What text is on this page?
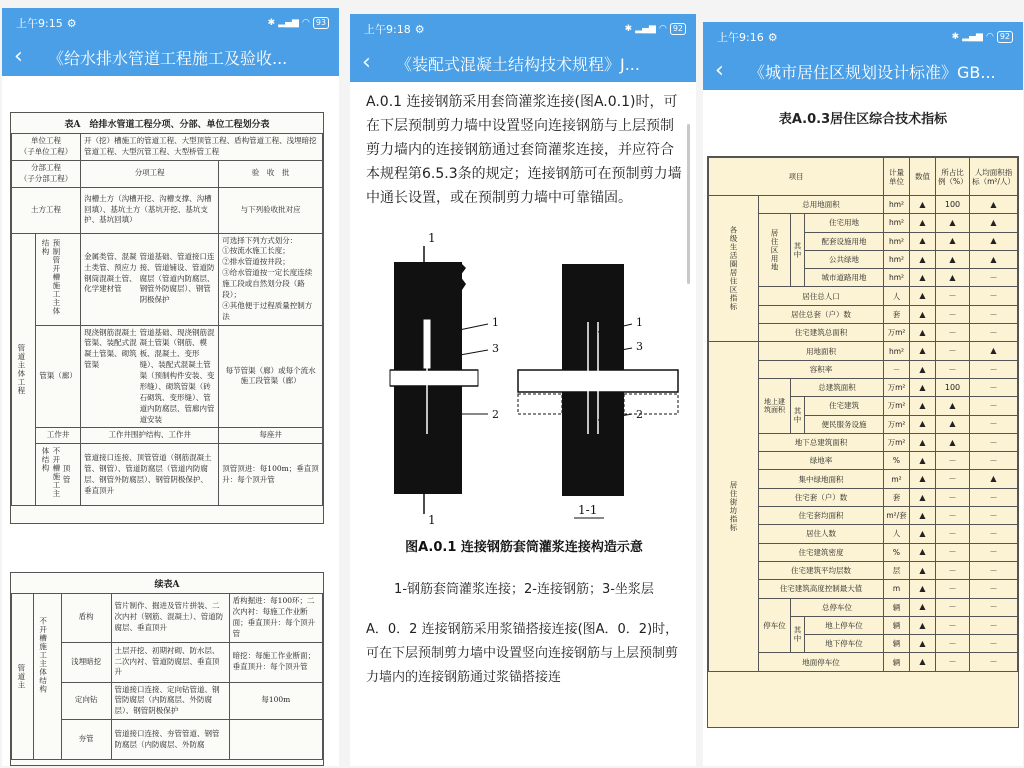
上午9:15 ⚙	✱ ▂▄▆ ◠ 93
‹	《给水排水管道工程施工及验收...
表A　给排水管道工程分项、分部、单位工程划分表
单位工程
（子单位工程）		开（挖）槽施工的管道工程、大型顶管工程、盾构管道工程、浅埋暗挖管道工程、大型沉管工程、大型桥管工程	
分部工程
（子分部工程）		分项工程	验　收　批
土方工程		沟槽土方（沟槽开挖、沟槽支撑、沟槽回填）、基坑土方（基坑开挖、基坑支护、基坑回填）	与下列验收批对应

管道主体工程	预制管开槽施工主体结构	金属类管、混凝土类管、预应力钢筒混凝土管、化学建材管
管道基础、管道接口连接、管道铺设、管道防腐层（管道内防腐层、钢管外防腐层）、钢管阴极保护	可选择下列方式划分：
①按流水施工长度；
②排水管道按井段；
③给水管道按一定长度连续施工段或自然划分段（路段）；
④其他便于过程质量控制方法
	管渠（廊）	现浇钢筋混凝土管渠、装配式混凝土管渠、砌筑管渠
管道基础、现浇钢筋混凝土管渠（钢筋、模板、混凝土、变形缝）、装配式混凝土管渠（预制构件安装、变形缝）、砌筑管渠（砖石砌筑、变形缝）、管道内防腐层、管廊内管道安装	每节管渠（廊）或每个流水施工段管渠（廊）
	工作井	工作井围护结构、工作井	每座井

	不开槽施工主体结构 顶管	管道接口连接、顶管管道（钢筋混凝土管、钢管）、管道防腐层（管道内防腐层、钢管外防腐层）、钢管阴极保护、垂直顶升	顶管顶进：每100m；垂直顶升：每个顶升管
续表A
管道主	不开槽施工主体结构	盾构	管片制作、掘进及管片拼装、二次内衬（钢筋、混凝土）、管道防腐层、垂直顶升	盾构掘进：每100环；二次内衬：每施工作业断面；垂直顶升：每个顶升管
		浅埋暗挖	土层开挖、初期衬砌、防水层、二次内衬、管道防腐层、垂直顶升	暗挖：每施工作业断面；垂直顶升：每个顶升管
		定向钻	管道接口连接、定向钻管道、钢管防腐层（内防腐层、外防腐层）、钢管阴极保护	每100m
		夯管	管道接口连接、夯管管道、钢管防腐层（内防腐层、外防腐	
上午9:18 ⚙	✱ ▂▄▆ ◠ 92
‹	《装配式混凝土结构技术规程》J...
A.0.1 连接钢筋采用套筒灌浆连接(图A.0.1)时，可在下层预制剪力墙中设置竖向连接钢筋与上层预制剪力墙内的连接钢筋通过套筒灌浆连接，并应符合本规程第6.5.3条的规定；连接钢筋可在预制剪力墙中通长设置，或在预制剪力墙中可靠锚固。
1
3
2
1
1
1
3
2
1-1
图A.0.1 连接钢筋套筒灌浆连接构造示意
1-钢筋套筒灌浆连接；2-连接钢筋；3-坐浆层
A．0．2 连接钢筋采用浆锚搭接连接(图A．0．2)时，可在下层预制剪力墙中设置竖向连接钢筋与上层预制剪力墙内的连接钢筋通过浆锚搭接连
上午9:16 ⚙	✱ ▂▄▆ ◠ 92
‹	《城市居住区规划设计标准》GB...
表A.0.3居住区综合技术指标
项目				计量单位	数值	所占比例（%）	人均面积指标（m²/人）

各级生活圈居住区指标	总用地面积			hm²	▲	100	▲

	居住区用地	其中	住宅用地	hm²	▲	▲	▲
			配套设施用地	hm²	▲	▲	▲
			公共绿地	hm²	▲	▲	▲
			城市道路用地	hm²	▲	▲	－
	居住总人口			人	▲	－	－
	居住总套（户）数			套	▲	－	－
	住宅建筑总面积			万m²	▲	－	－

居住街坊指标	用地面积			hm²	▲	－	▲
	容积率			－	▲	－	－
	地上建筑面积	总建筑面积		万m²	▲	100	－

		其中	住宅建筑	万m²	▲	▲	－
			便民服务设施	万m²	▲	▲	－
	地下总建筑面积			万m²	▲	▲	－
	绿地率			%	▲	－	－
	集中绿地面积			m²	▲	－	▲
	住宅套（户）数			套	▲	－	－
	住宅套均面积			m²/套	▲	－	－
	居住人数			人	▲	－	－
	住宅建筑密度			%	▲	－	－
	住宅建筑平均层数			层	▲	－	－
	住宅建筑高度控制最大值			m	▲	－	－
	停车位	总停车位		辆	▲	－	－

		其中	地上停车位	辆	▲	－	－
			地下停车位	辆	▲	－	－
	地面停车位			辆	▲	－	－
